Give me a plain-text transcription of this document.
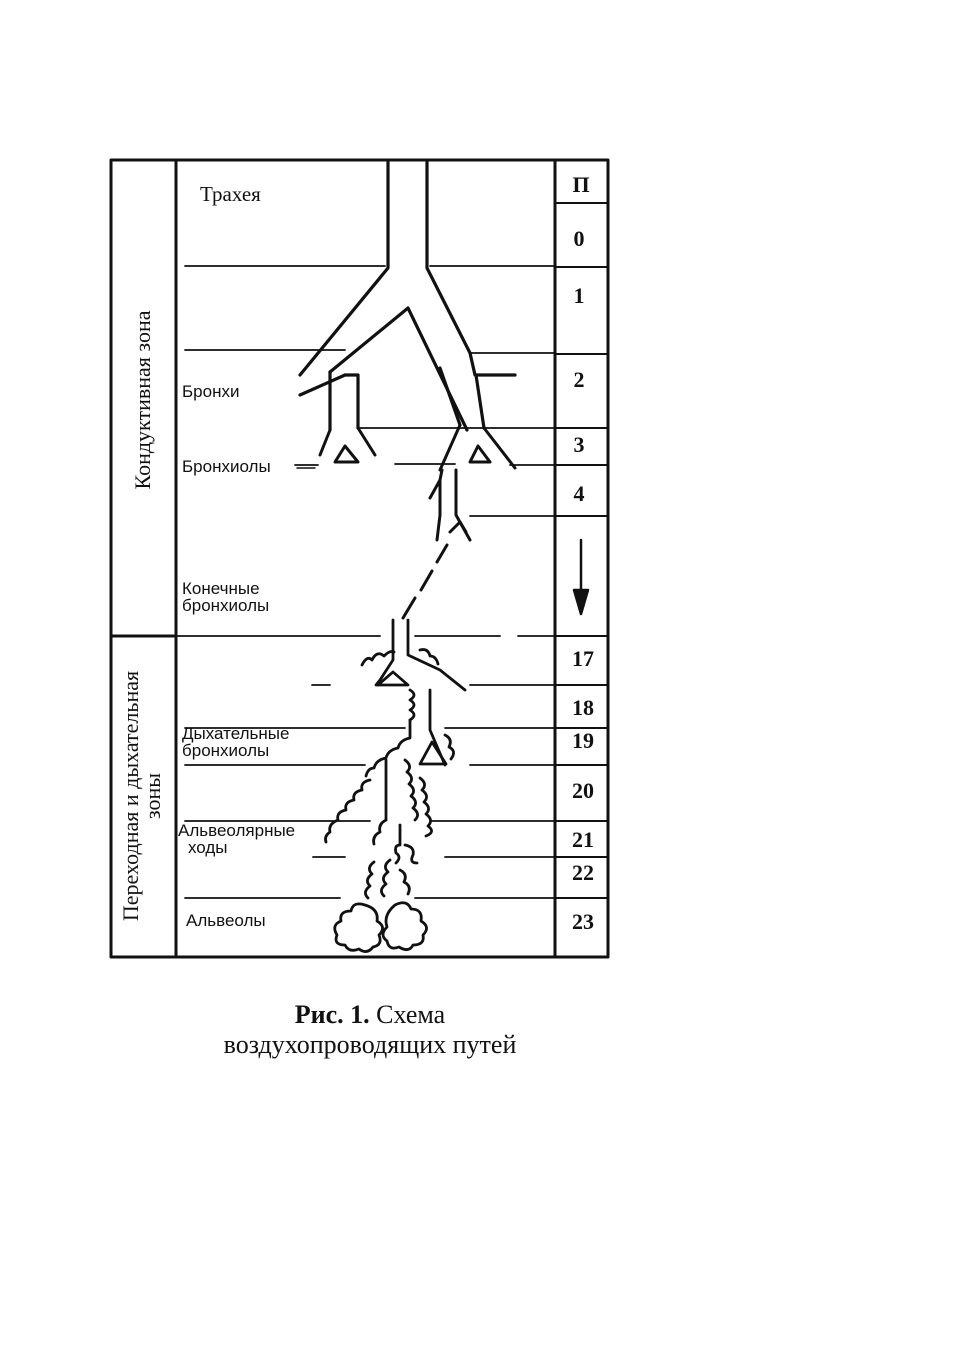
Трахея
Бронхи
Бронхиолы
Конечные
бронхиолы
Дыхательные
бронхиолы
Альвеолярные
ходы
Альвеолы
Кондуктивная зона
Переходная и дыхательная
зоны
П
0
1
2
3
4
17
18
19
20
21
22
23
Рис. 1. Схема
воздухопроводящих путей
